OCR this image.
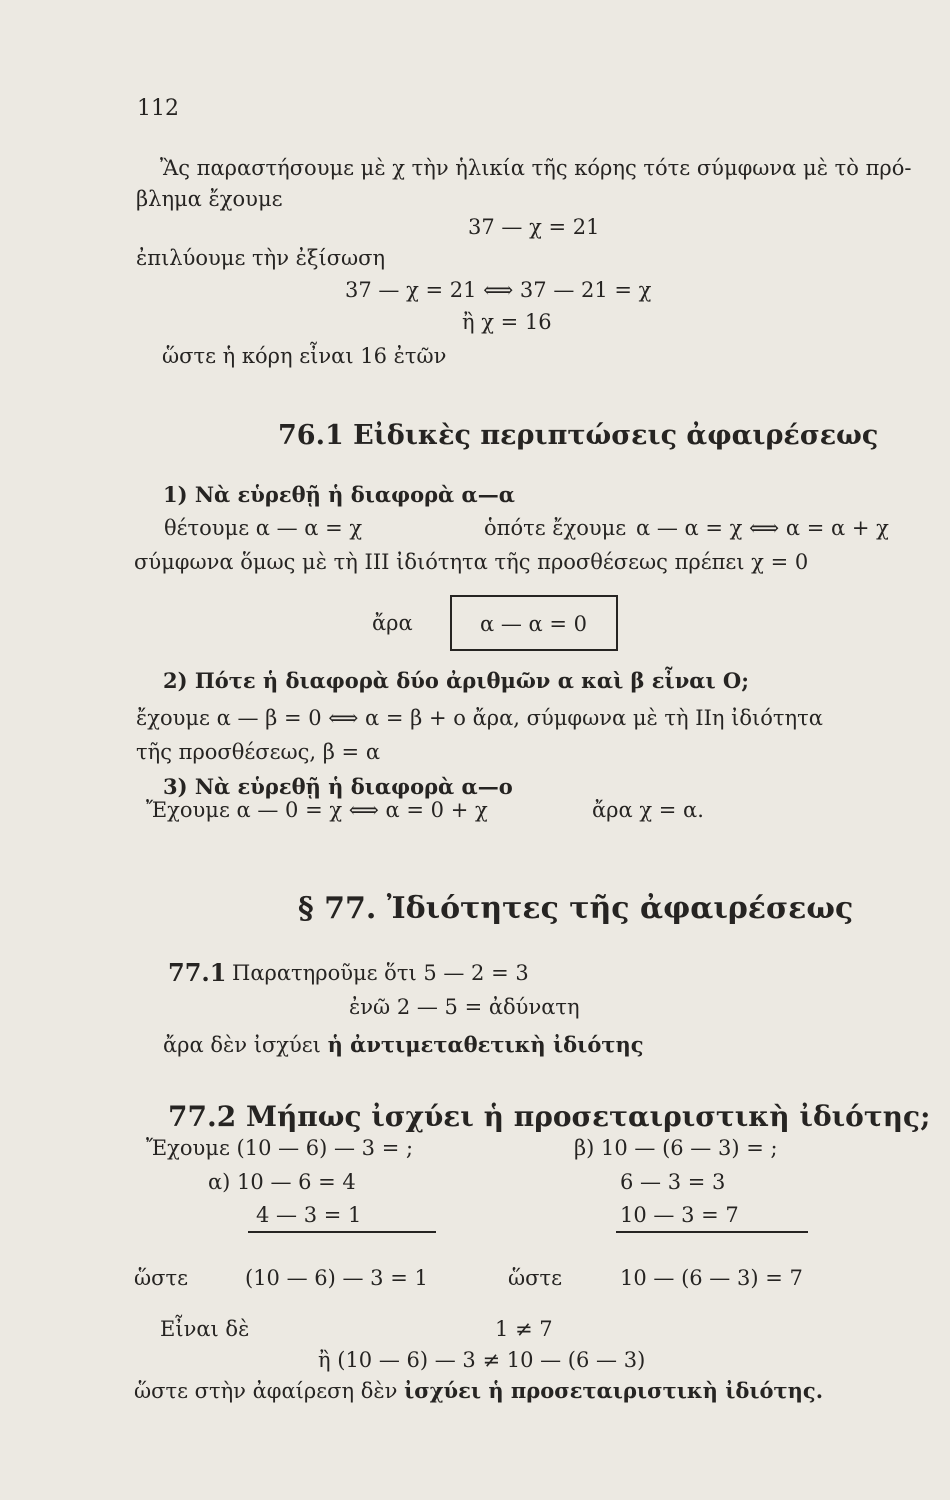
112
Ἂς παραστήσουμε μὲ χ τὴν ἡλικία τῆς κόρης τότε σύμφωνα μὲ τὸ πρό-
βλημα ἔχουμε
37 — χ = 21
ἐπιλύουμε τὴν ἐξίσωση
37 — χ = 21 ⟺ 37 — 21 = χ
ἢ χ = 16
ὥστε ἡ κόρη εἶναι 16 ἐτῶν
76.1 Εἰδικὲς περιπτώσεις ἀφαιρέσεως
1) Νὰ εὑρεθῇ ἡ διαφορὰ α—α
θέτουμε α — α = χ	ὁπότε ἔχουμε α — α = χ ⟺ α = α + χ
σύμφωνα ὅμως μὲ τὴ ΙΙΙ ἰδιότητα τῆς προσθέσεως πρέπει χ = 0
ἄρα	α — α = 0
2) Πότε ἡ διαφορὰ δύο ἀριθμῶν α καὶ β εἶναι Ο;
ἔχουμε α — β = 0 ⟺ α = β + ο ἄρα, σύμφωνα μὲ τὴ ΙΙη ἰδιότητα
τῆς προσθέσεως, β = α
3) Νὰ εὑρεθῇ ἡ διαφορὰ α—ο
Ἔχουμε α — 0 = χ ⟺ α = 0 + χ	ἄρα χ = α.
§ 77. Ἰδιότητες τῆς ἀφαιρέσεως
77.1 Παρατηροῦμε ὅτι 5 — 2 = 3
ἐνῶ 2 — 5 = ἀδύνατη
ἄρα δὲν ἰσχύει ἡ ἀντιμεταθετικὴ ἰδιότης
77.2 Μήπως ἰσχύει ἡ προσεταιριστικὴ ἰδιότης;
Ἔχουμε (10 — 6) — 3 = ;	β) 10 — (6 — 3) = ;
α) 10 — 6 = 4	6 — 3 = 3
4 — 3 = 1	10 — 3 = 7
ὥστε	(10 — 6) — 3 = 1	ὥστε	10 — (6 — 3) = 7
Εἶναι δὲ	1 ≠ 7
ἢ (10 — 6) — 3 ≠ 10 — (6 — 3)
ὥστε στὴν ἀφαίρεση δὲν ἰσχύει ἡ προσεταιριστικὴ ἰδιότης.
